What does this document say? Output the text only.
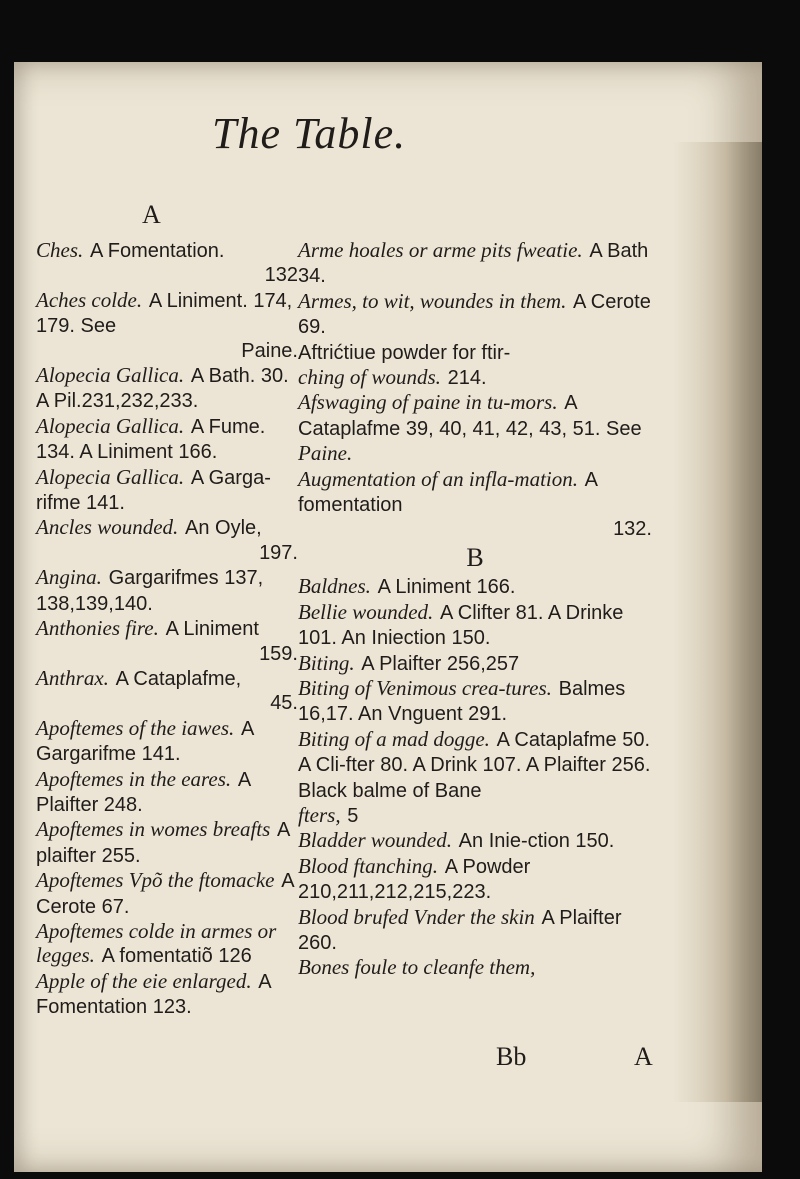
The Table.
A
Ches. A Fomentation.
132
Aches colde. A Liniment. 174, 179. See
Paine.
Alopecia Gallica. A Bath. 30. A Pil.231,232,233.
Alopecia Gallica. A Fume. 134. A Liniment 166.
Alopecia Gallica. A Garga-rifme 141.
Ancles wounded. An Oyle,
197.
Angina. Gargarifmes 137, 138,139,140.
Anthonies fire. A Liniment
159.
Anthrax. A Cataplafme,
45.
Apoftemes of the iawes. A Gargarifme 141.
Apoftemes in the eares. A Plaifter 248.
Apoftemes in womes breafts A plaifter 255.
Apoftemes Vpõ the ftomacke A Cerote 67.
Apoftemes colde in armes or legges. A fomentatiõ 126
Apple of the eie enlarged. A Fomentation 123.
Arme hoales or arme pits fweatie. A Bath 34.
Armes, to wit, woundes in them. A Cerote 69.
Aftrićtiue powder for ftir-
ching of wounds. 214.
Afswaging of paine in tu-mors. A Cataplafme 39, 40, 41, 42, 43, 51. See
Paine.
Augmentation of an infla-mation. A fomentation
132.
B
Baldnes. A Liniment 166.
Bellie wounded. A Clifter 81. A Drinke 101. An Iniection 150.
Biting. A Plaifter 256,257
Biting of Venimous crea-tures. Balmes 16,17. An Vnguent 291.
Biting of a mad dogge. A Cataplafme 50. A Cli-fter 80. A Drink 107. A Plaifter 256.
Black balme of Bane
fters, 5
Bladder wounded. An Inie-ction 150.
Blood ftanching. A Powder 210,211,212,215,223.
Blood brufed Vnder the skin A Plaifter 260.
Bones foule to cleanfe them,
Bb	A
